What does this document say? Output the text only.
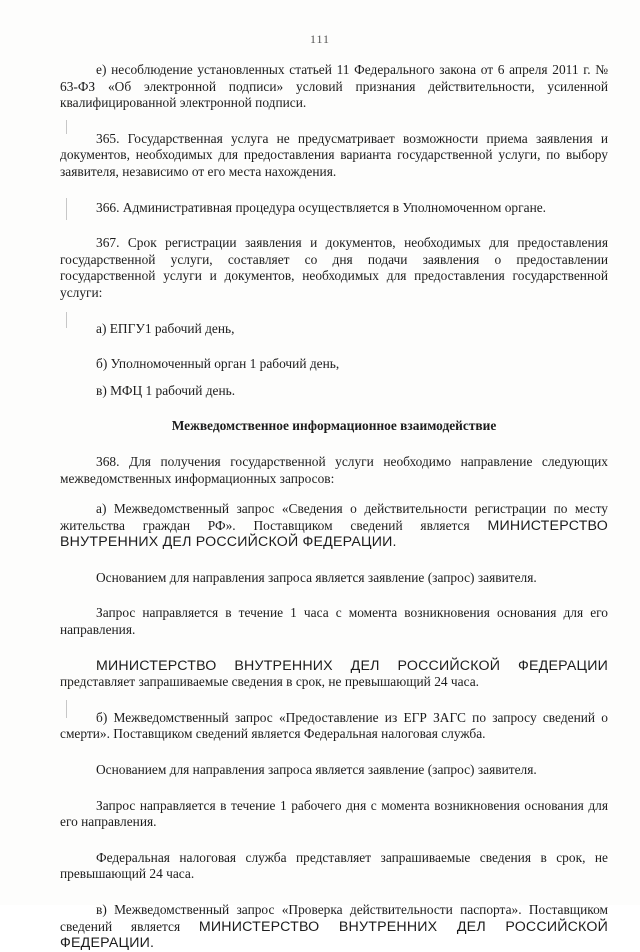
111

е) несоблюдение установленных статьей 11 Федерального закона от 6 апреля 2011 г. № 63-ФЗ «Об электронной подписи» условий признания действительности, усиленной квалифицированной электронной подписи.

365. Государственная услуга не предусматривает возможности приема заявления и документов, необходимых для предоставления варианта государственной услуги, по выбору заявителя, независимо от его места нахождения.

366. Административная процедура осуществляется в Уполномоченном органе.

367. Срок регистрации заявления и документов, необходимых для предоставления государственной услуги, составляет со дня подачи заявления о предоставлении государственной услуги и документов, необходимых для предоставления государственной услуги:

а) ЕПГУ1 рабочий день,

б) Уполномоченный орган 1 рабочий день,

в) МФЦ 1 рабочий день.

Межведомственное информационное взаимодействие

368. Для получения государственной услуги необходимо направление следующих межведомственных информационных запросов:

а) Межведомственный запрос «Сведения о действительности регистрации по месту жительства граждан РФ». Поставщиком сведений является МИНИСТЕРСТВО ВНУТРЕННИХ ДЕЛ РОССИЙСКОЙ ФЕДЕРАЦИИ.

Основанием для направления запроса является заявление (запрос) заявителя.

Запрос направляется в течение 1 часа с момента возникновения основания для его направления.

МИНИСТЕРСТВО ВНУТРЕННИХ ДЕЛ РОССИЙСКОЙ ФЕДЕРАЦИИ представляет запрашиваемые сведения в срок, не превышающий 24 часа.

б) Межведомственный запрос «Предоставление из ЕГР ЗАГС по запросу сведений о смерти». Поставщиком сведений является Федеральная налоговая служба.

Основанием для направления запроса является заявление (запрос) заявителя.

Запрос направляется в течение 1 рабочего дня с момента возникновения основания для его направления.

Федеральная налоговая служба представляет запрашиваемые сведения в срок, не превышающий 24 часа.

в) Межведомственный запрос «Проверка действительности паспорта». Поставщиком сведений является МИНИСТЕРСТВО ВНУТРЕННИХ ДЕЛ РОССИЙСКОЙ ФЕДЕРАЦИИ.
